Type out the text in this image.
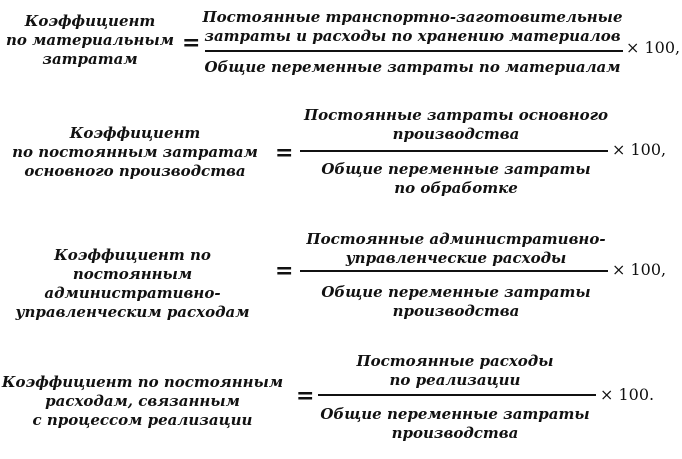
Коэффициент
по материальным
затратам
=
Постоянные транспортно-заготовительные
затраты и расходы по хранению материалов
Общие переменные затраты по материалам
× 100,
Коэффициент
по постоянным затратам
основного производства
=
Постоянные затраты основного
производства
Общие переменные затраты
по обработке
× 100,
Коэффициент по постоянным
административно-
управленческим расходам
=
Постоянные административно-
управленческие расходы
Общие переменные затраты
производства
× 100,
Коэффициент по постоянным
расходам, связанным
с процессом реализации
=
Постоянные расходы
по реализации
Общие переменные затраты
производства
× 100.
